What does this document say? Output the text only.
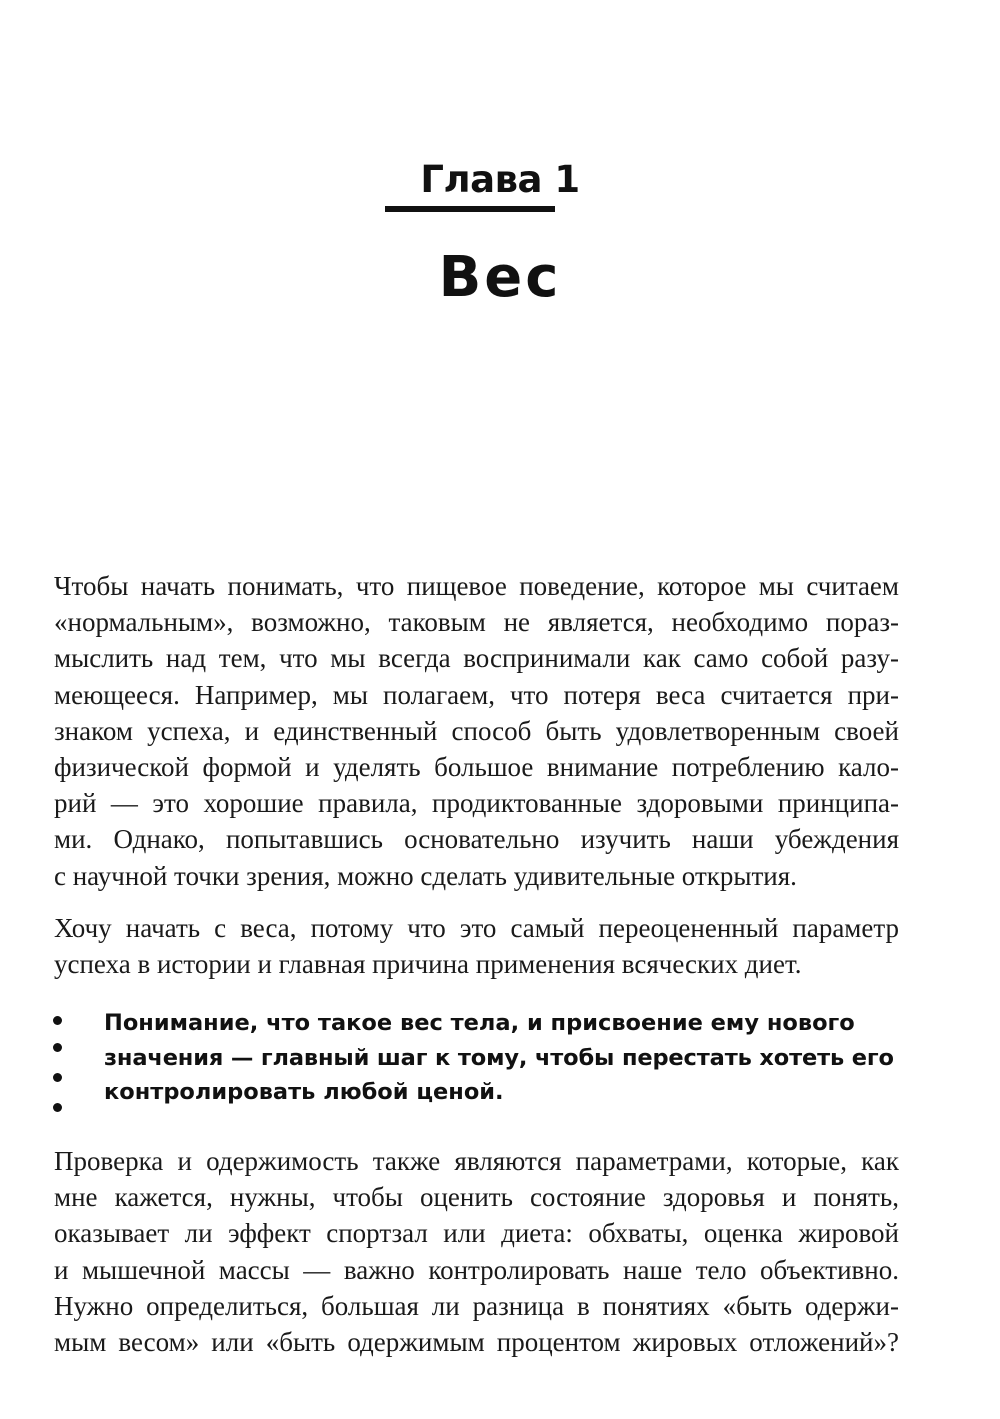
Глава 1
Вес
Чтобы начать понимать, что пищевое поведение, которое мы считаем
«нормальным», возможно, таковым не является, необходимо пораз-
мыслить над тем, что мы всегда воспринимали как само собой разу-
меющееся. Например, мы полагаем, что потеря веса считается при-
знаком успеха, и единственный способ быть удовлетворенным своей
физической формой и уделять большое внимание потреблению кало-
рий — это хорошие правила, продиктованные здоровыми принципа-
ми. Однако, попытавшись основательно изучить наши убеждения
с научной точки зрения, можно сделать удивительные открытия.
Хочу начать с веса, потому что это самый переоцененный параметр
успеха в истории и главная причина применения всяческих диет.
Понимание, что такое вес тела, и присвоение ему нового
значения — главный шаг к тому, чтобы перестать хотеть его
контролировать любой ценой.
Проверка и одержимость также являются параметрами, которые, как
мне кажется, нужны, чтобы оценить состояние здоровья и понять,
оказывает ли эффект спортзал или диета: обхваты, оценка жировой
и мышечной массы — важно контролировать наше тело объективно.
Нужно определиться, большая ли разница в понятиях «быть одержи-
мым весом» или «быть одержимым процентом жировых отложений»?
